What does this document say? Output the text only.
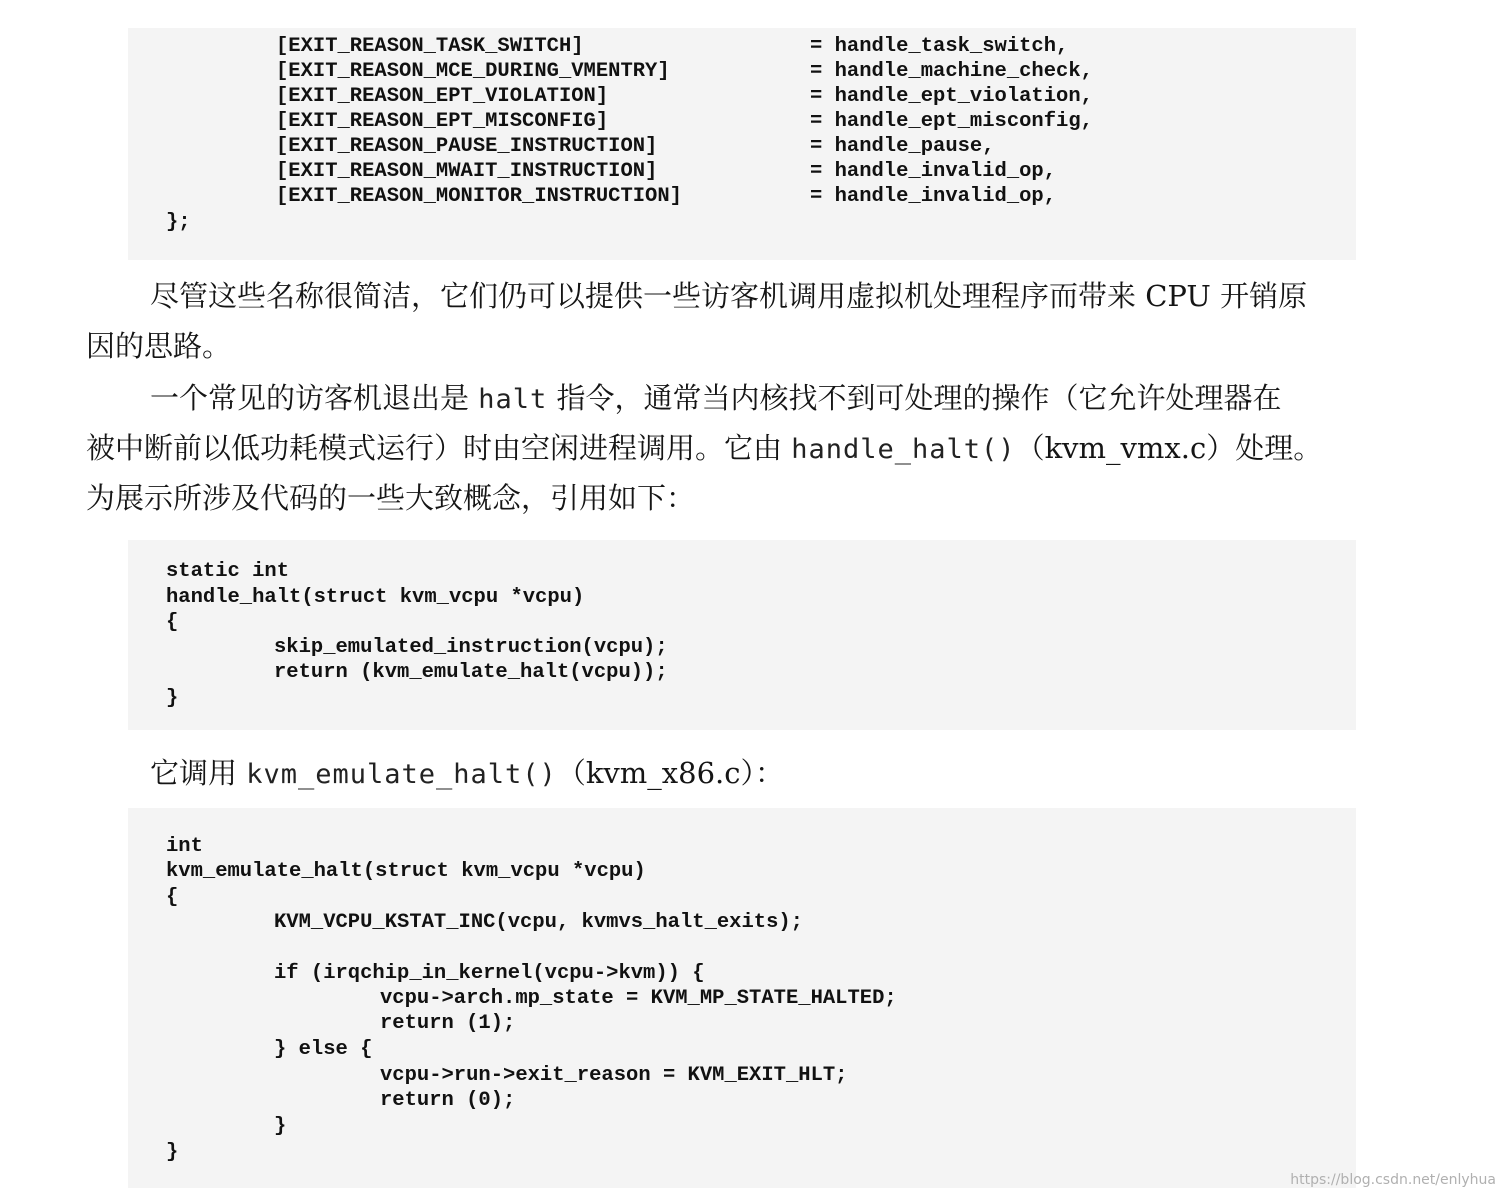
[EXIT_REASON_TASK_SWITCH]	= handle_task_switch,
[EXIT_REASON_MCE_DURING_VMENTRY]	= handle_machine_check,
[EXIT_REASON_EPT_VIOLATION]	= handle_ept_violation,
[EXIT_REASON_EPT_MISCONFIG]	= handle_ept_misconfig,
[EXIT_REASON_PAUSE_INSTRUCTION]	= handle_pause,
[EXIT_REASON_MWAIT_INSTRUCTION]	= handle_invalid_op,
[EXIT_REASON_MONITOR_INSTRUCTION]	= handle_invalid_op,
};
尽管这些名称很简洁，它们仍可以提供一些访客机调用虚拟机处理程序而带来 CPU 开销原
因的思路。
一个常见的访客机退出是 halt 指令，通常当内核找不到可处理的操作（它允许处理器在
被中断前以低功耗模式运行）时由空闲进程调用。它由 handle_halt()（kvm_vmx.c）处理。
为展示所涉及代码的一些大致概念，引用如下：
static int
handle_halt(struct kvm_vcpu *vcpu)
{
skip_emulated_instruction(vcpu);
return (kvm_emulate_halt(vcpu));
}
它调用 kvm_emulate_halt()（kvm_x86.c）：
int
kvm_emulate_halt(struct kvm_vcpu *vcpu)
{
KVM_VCPU_KSTAT_INC(vcpu, kvmvs_halt_exits);
if (irqchip_in_kernel(vcpu->kvm)) {
vcpu->arch.mp_state = KVM_MP_STATE_HALTED;
return (1);
} else {
vcpu->run->exit_reason = KVM_EXIT_HLT;
return (0);
}
}
https://blog.csdn.net/enlyhua
